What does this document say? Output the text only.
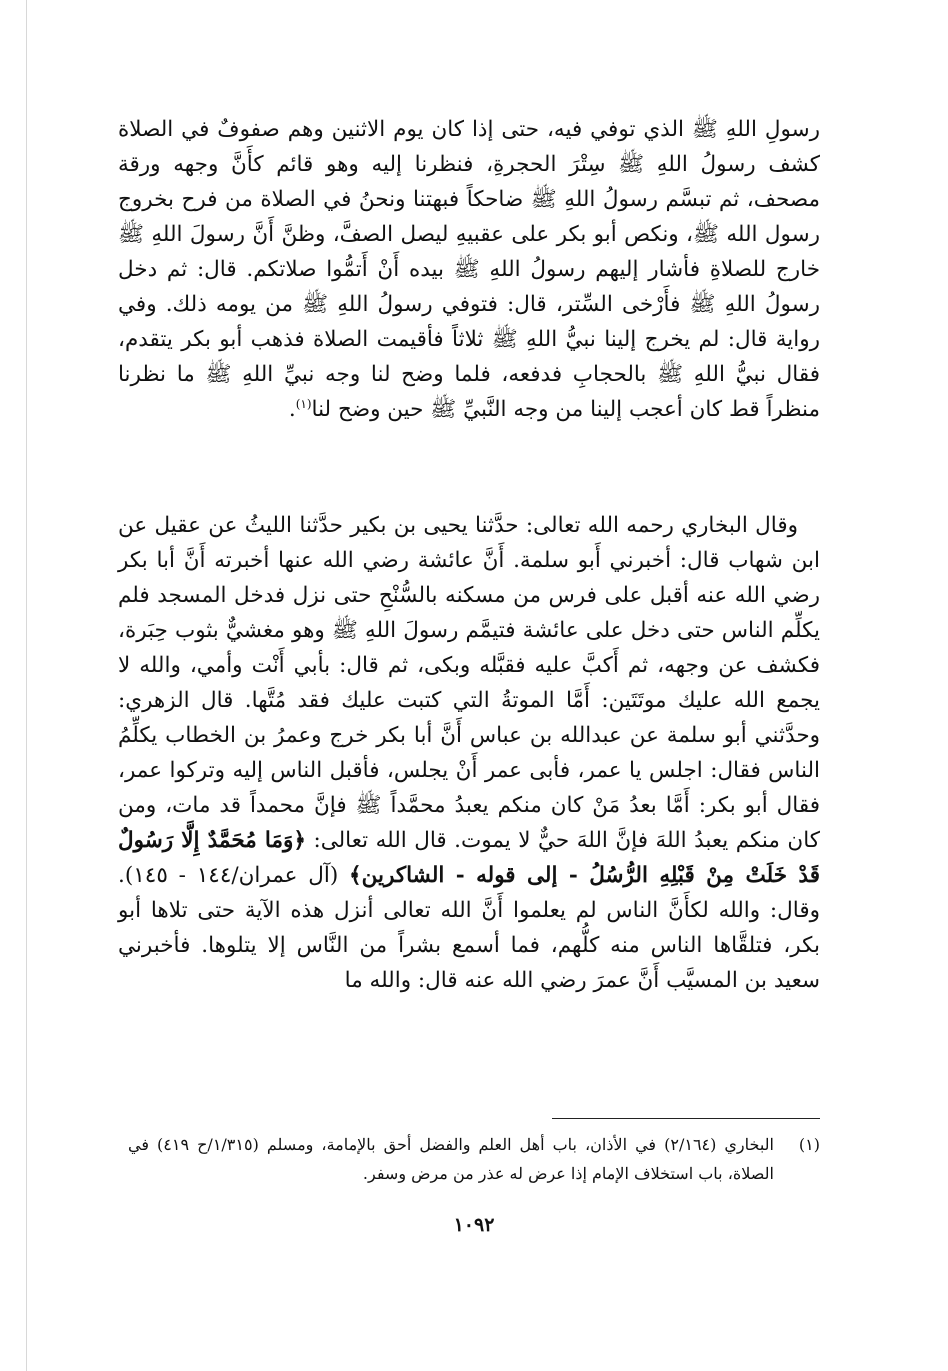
رسولِ اللهِ ﷺ الذي توفي فيه، حتى إذا كان يوم الاثنين وهم صفوفٌ في الصلاة كشف رسولُ اللهِ ﷺ سِتْرَ الحجرةِ، فنظرنا إليه وهو قائم كأَنَّ وجهه ورقة مصحف، ثم تبسَّم رسولُ اللهِ ﷺ ضاحكاً فبهتنا ونحنُ في الصلاة من فرح بخروج رسول الله ﷺ، ونكص أبو بكر على عقبيهِ ليصل الصفَّ، وظنَّ أَنَّ رسولَ اللهِ ﷺ خارج للصلاةِ فأشار إليهم رسولُ اللهِ ﷺ بيده أَنْ أَتمُّوا صلاتكم. قال: ثم دخل رسولُ اللهِ ﷺ فأَرْخى السِّتر، قال: فتوفي رسولُ اللهِ ﷺ من يومه ذلك. وفي رواية قال: لم يخرج إلينا نبيُّ اللهِ ﷺ ثلاثاً فأقيمت الصلاة فذهب أبو بكر يتقدم، فقال نبيُّ اللهِ ﷺ بالحجابِ فدفعه، فلما وضح لنا وجه نبيِّ اللهِ ﷺ ما نظرنا منظراً قط كان أعجب إلينا من وجه النَّبيِّ ﷺ حين وضح لنا$^{(١)}$.

وقال البخاري رحمه الله تعالى: حدَّثنا يحيى بن بكير حدَّثنا الليثُ عن عقيل عن ابن شهاب قال: أخبرني أَبو سلمة. أَنَّ عائشة رضي الله عنها أخبرته أَنَّ أبا بكر رضي الله عنه أقبل على فرس من مسكنه بالسُّنْحِ حتى نزل فدخل المسجد فلم يكلِّم الناس حتى دخل على عائشة فتيمَّم رسولَ اللهِ ﷺ وهو مغشيٌّ بثوب حِبَرة، فكشف عن وجهه، ثم أَكبَّ عليه فقبَّله وبكى، ثم قال: بأبي أَنْت وأمي، والله لا يجمع الله عليك موتَتَين: أَمَّا الموتةُ التي كتبت عليك فقد مُتَّها. قال الزهري: وحدَّثني أبو سلمة عن عبدالله بن عباس أَنَّ أبا بكر خرج وعمرُ بن الخطاب يكلِّمُ الناس فقال: اجلس يا عمر، فأبى عمر أَنْ يجلس، فأقبل الناس إليه وتركوا عمر، فقال أبو بكر: أَمَّا بعدُ مَنْ كان منكم يعبدُ محمَّداً ﷺ فإنَّ محمداً قد مات، ومن كان منكم يعبدُ اللهَ فإنَّ اللهَ حيٌّ لا يموت. قال الله تعالى: ﴿وَمَا مُحَمَّدٌ إِلَّا رَسُولٌ قَدْ خَلَتْ مِنْ قَبْلِهِ الرُّسُلُ - إلى قوله - الشاكرين﴾ (آل عمران/١٤٤ - ١٤٥). وقال: والله لكأَنَّ الناس لم يعلموا أَنَّ الله تعالى أنزل هذه الآية حتى تلاها أبو بكر، فتلقَّاها الناس منه كلُّهم، فما أسمع بشراً من النَّاس إلا يتلوها. فأخبرني سعيد بن المسيَّب أَنَّ عمرَ رضي الله عنه قال: والله ما

(١)
البخاري (٢/١٦٤) في الأذان، باب أهل العلم والفضل أحق بالإمامة، ومسلم (١/٣١٥/ح ٤١٩) في الصلاة، باب استخلاف الإمام إذا عرض له عذر من مرض وسفر.
١٠٩٢
